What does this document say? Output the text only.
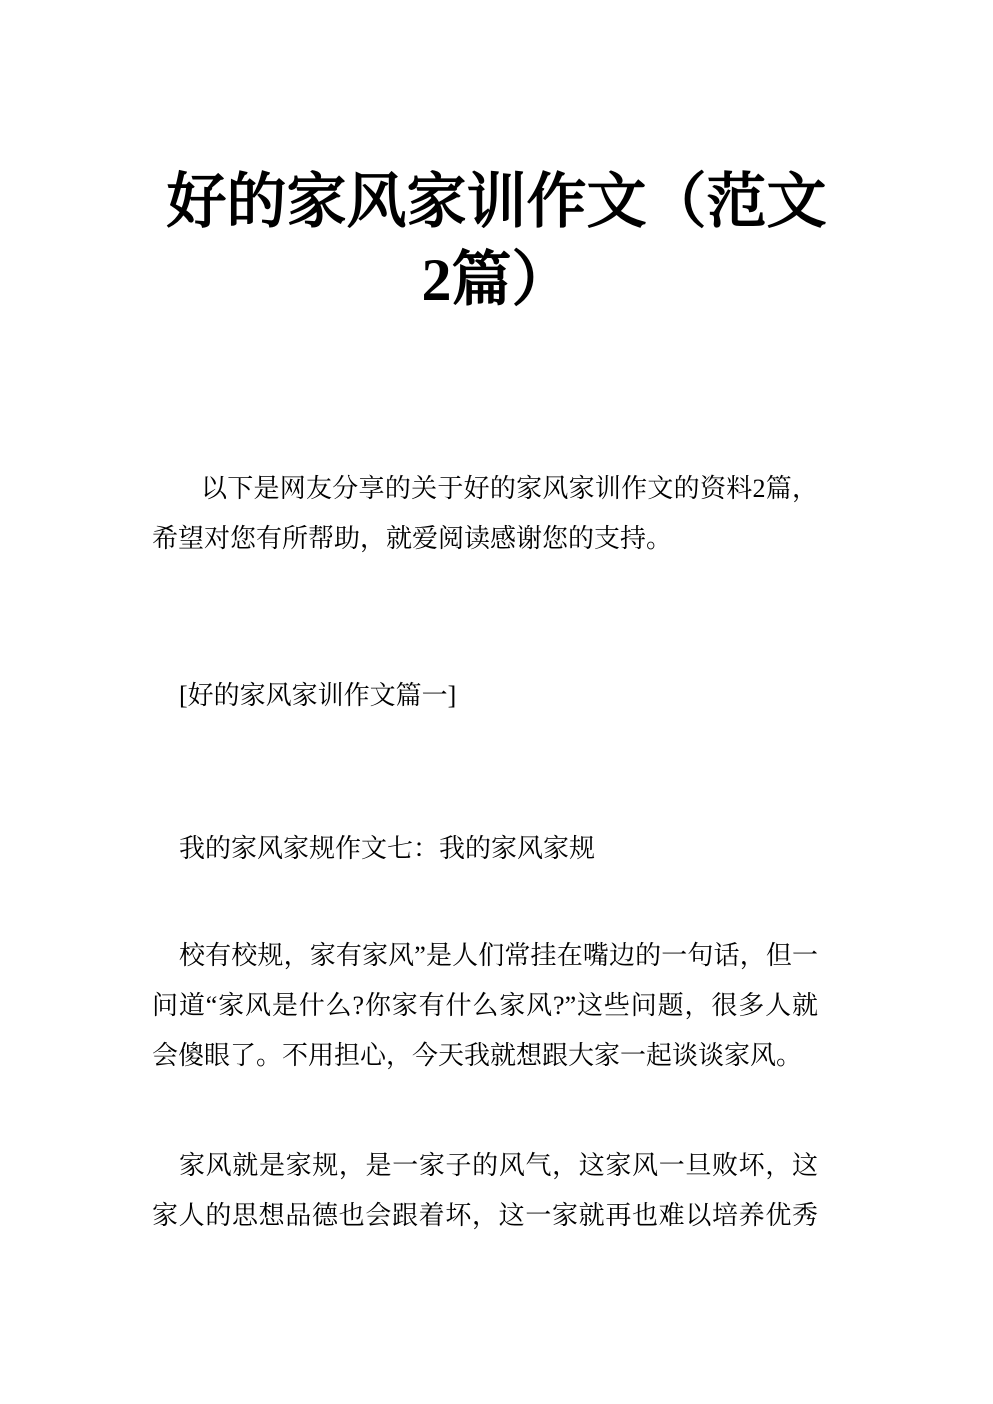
好的家风家训作文（范文
2篇）
以下是网友分享的关于好的家风家训作文的资料2篇，
希望对您有所帮助，就爱阅读感谢您的支持。
[好的家风家训作文篇一]
我的家风家规作文七：我的家风家规
校有校规，家有家风”是人们常挂在嘴边的一句话，但一
问道“家风是什么?你家有什么家风?”这些问题，很多人就
会傻眼了。不用担心，今天我就想跟大家一起谈谈家风。
家风就是家规，是一家子的风气，这家风一旦败坏，这
家人的思想品德也会跟着坏，这一家就再也难以培养优秀
